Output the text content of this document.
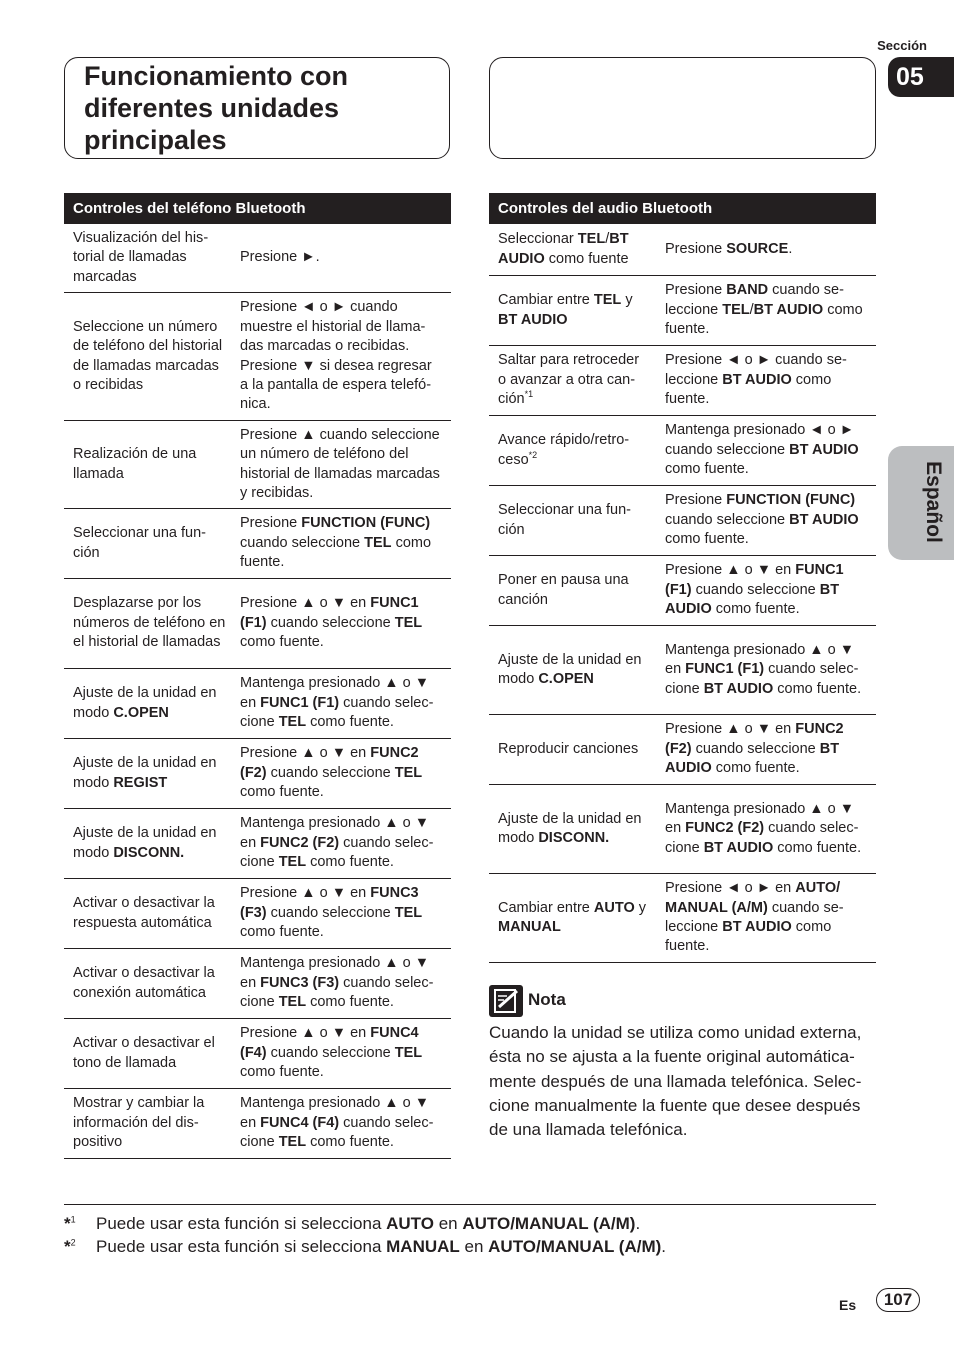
Funcionamiento con diferentes unidades principales
Sección
05
Español
Controles del teléfono Bluetooth
Visualización del historial de llamadas marcadas
Presione ►.
Seleccione un número de teléfono del historial de llamadas marcadas o recibidas
Presione ◄ o ► cuando muestre el historial de llamadas marcadas o recibidas. Presione ▼ si desea regresar a la pantalla de espera telefónica.
Realización de una llamada
Presione ▲ cuando seleccione un número de teléfono del historial de llamadas marcadas y recibidas.
Seleccionar una función
Presione FUNCTION (FUNC) cuando seleccione TEL como fuente.
Desplazarse por los números de teléfono en el historial de llamadas
Presione ▲ o ▼ en FUNC1 (F1) cuando seleccione TEL como fuente.
Ajuste de la unidad en modo C.OPEN
Mantenga presionado ▲ o ▼ en FUNC1 (F1) cuando seleccione TEL como fuente.
Ajuste de la unidad en modo REGIST
Presione ▲ o ▼ en FUNC2 (F2) cuando seleccione TEL como fuente.
Ajuste de la unidad en modo DISCONN.
Mantenga presionado ▲ o ▼ en FUNC2 (F2) cuando seleccione TEL como fuente.
Activar o desactivar la respuesta automática
Presione ▲ o ▼ en FUNC3 (F3) cuando seleccione TEL como fuente.
Activar o desactivar la conexión automática
Mantenga presionado ▲ o ▼ en FUNC3 (F3) cuando seleccione TEL como fuente.
Activar o desactivar el tono de llamada
Presione ▲ o ▼ en FUNC4 (F4) cuando seleccione TEL como fuente.
Mostrar y cambiar la información del dispositivo
Mantenga presionado ▲ o ▼ en FUNC4 (F4) cuando seleccione TEL como fuente.
Controles del audio Bluetooth
Seleccionar TEL/BT AUDIO como fuente
Presione SOURCE.
Cambiar entre TEL y BT AUDIO
Presione BAND cuando seleccione TEL/BT AUDIO como fuente.
Saltar para retroceder o avanzar a otra canción$^{*1}$
Presione ◄ o ► cuando seleccione BT AUDIO como fuente.
Avance rápido/retroceso$^{*2}$
Mantenga presionado ◄ o ► cuando seleccione BT AUDIO como fuente.
Seleccionar una función
Presione FUNCTION (FUNC) cuando seleccione BT AUDIO como fuente.
Poner en pausa una canción
Presione ▲ o ▼ en FUNC1 (F1) cuando seleccione BT AUDIO como fuente.
Ajuste de la unidad en modo C.OPEN
Mantenga presionado ▲ o ▼ en FUNC1 (F1) cuando seleccione BT AUDIO como fuente.
Reproducir canciones
Presione ▲ o ▼ en FUNC2 (F2) cuando seleccione BT AUDIO como fuente.
Ajuste de la unidad en modo DISCONN.
Mantenga presionado ▲ o ▼ en FUNC2 (F2) cuando seleccione BT AUDIO como fuente.
Cambiar entre AUTO y MANUAL
Presione ◄ o ► en AUTO/ MANUAL (A/M) cuando seleccione BT AUDIO como fuente.
Nota
Cuando la unidad se utiliza como unidad externa, ésta no se ajusta a la fuente original automáticamente después de una llamada telefónica. Seleccione manualmente la fuente que desee después de una llamada telefónica.
*$^1$ Puede usar esta función si selecciona AUTO en AUTO/MANUAL (A/M).
*$^2$ Puede usar esta función si selecciona MANUAL en AUTO/MANUAL (A/M).
Es	107
